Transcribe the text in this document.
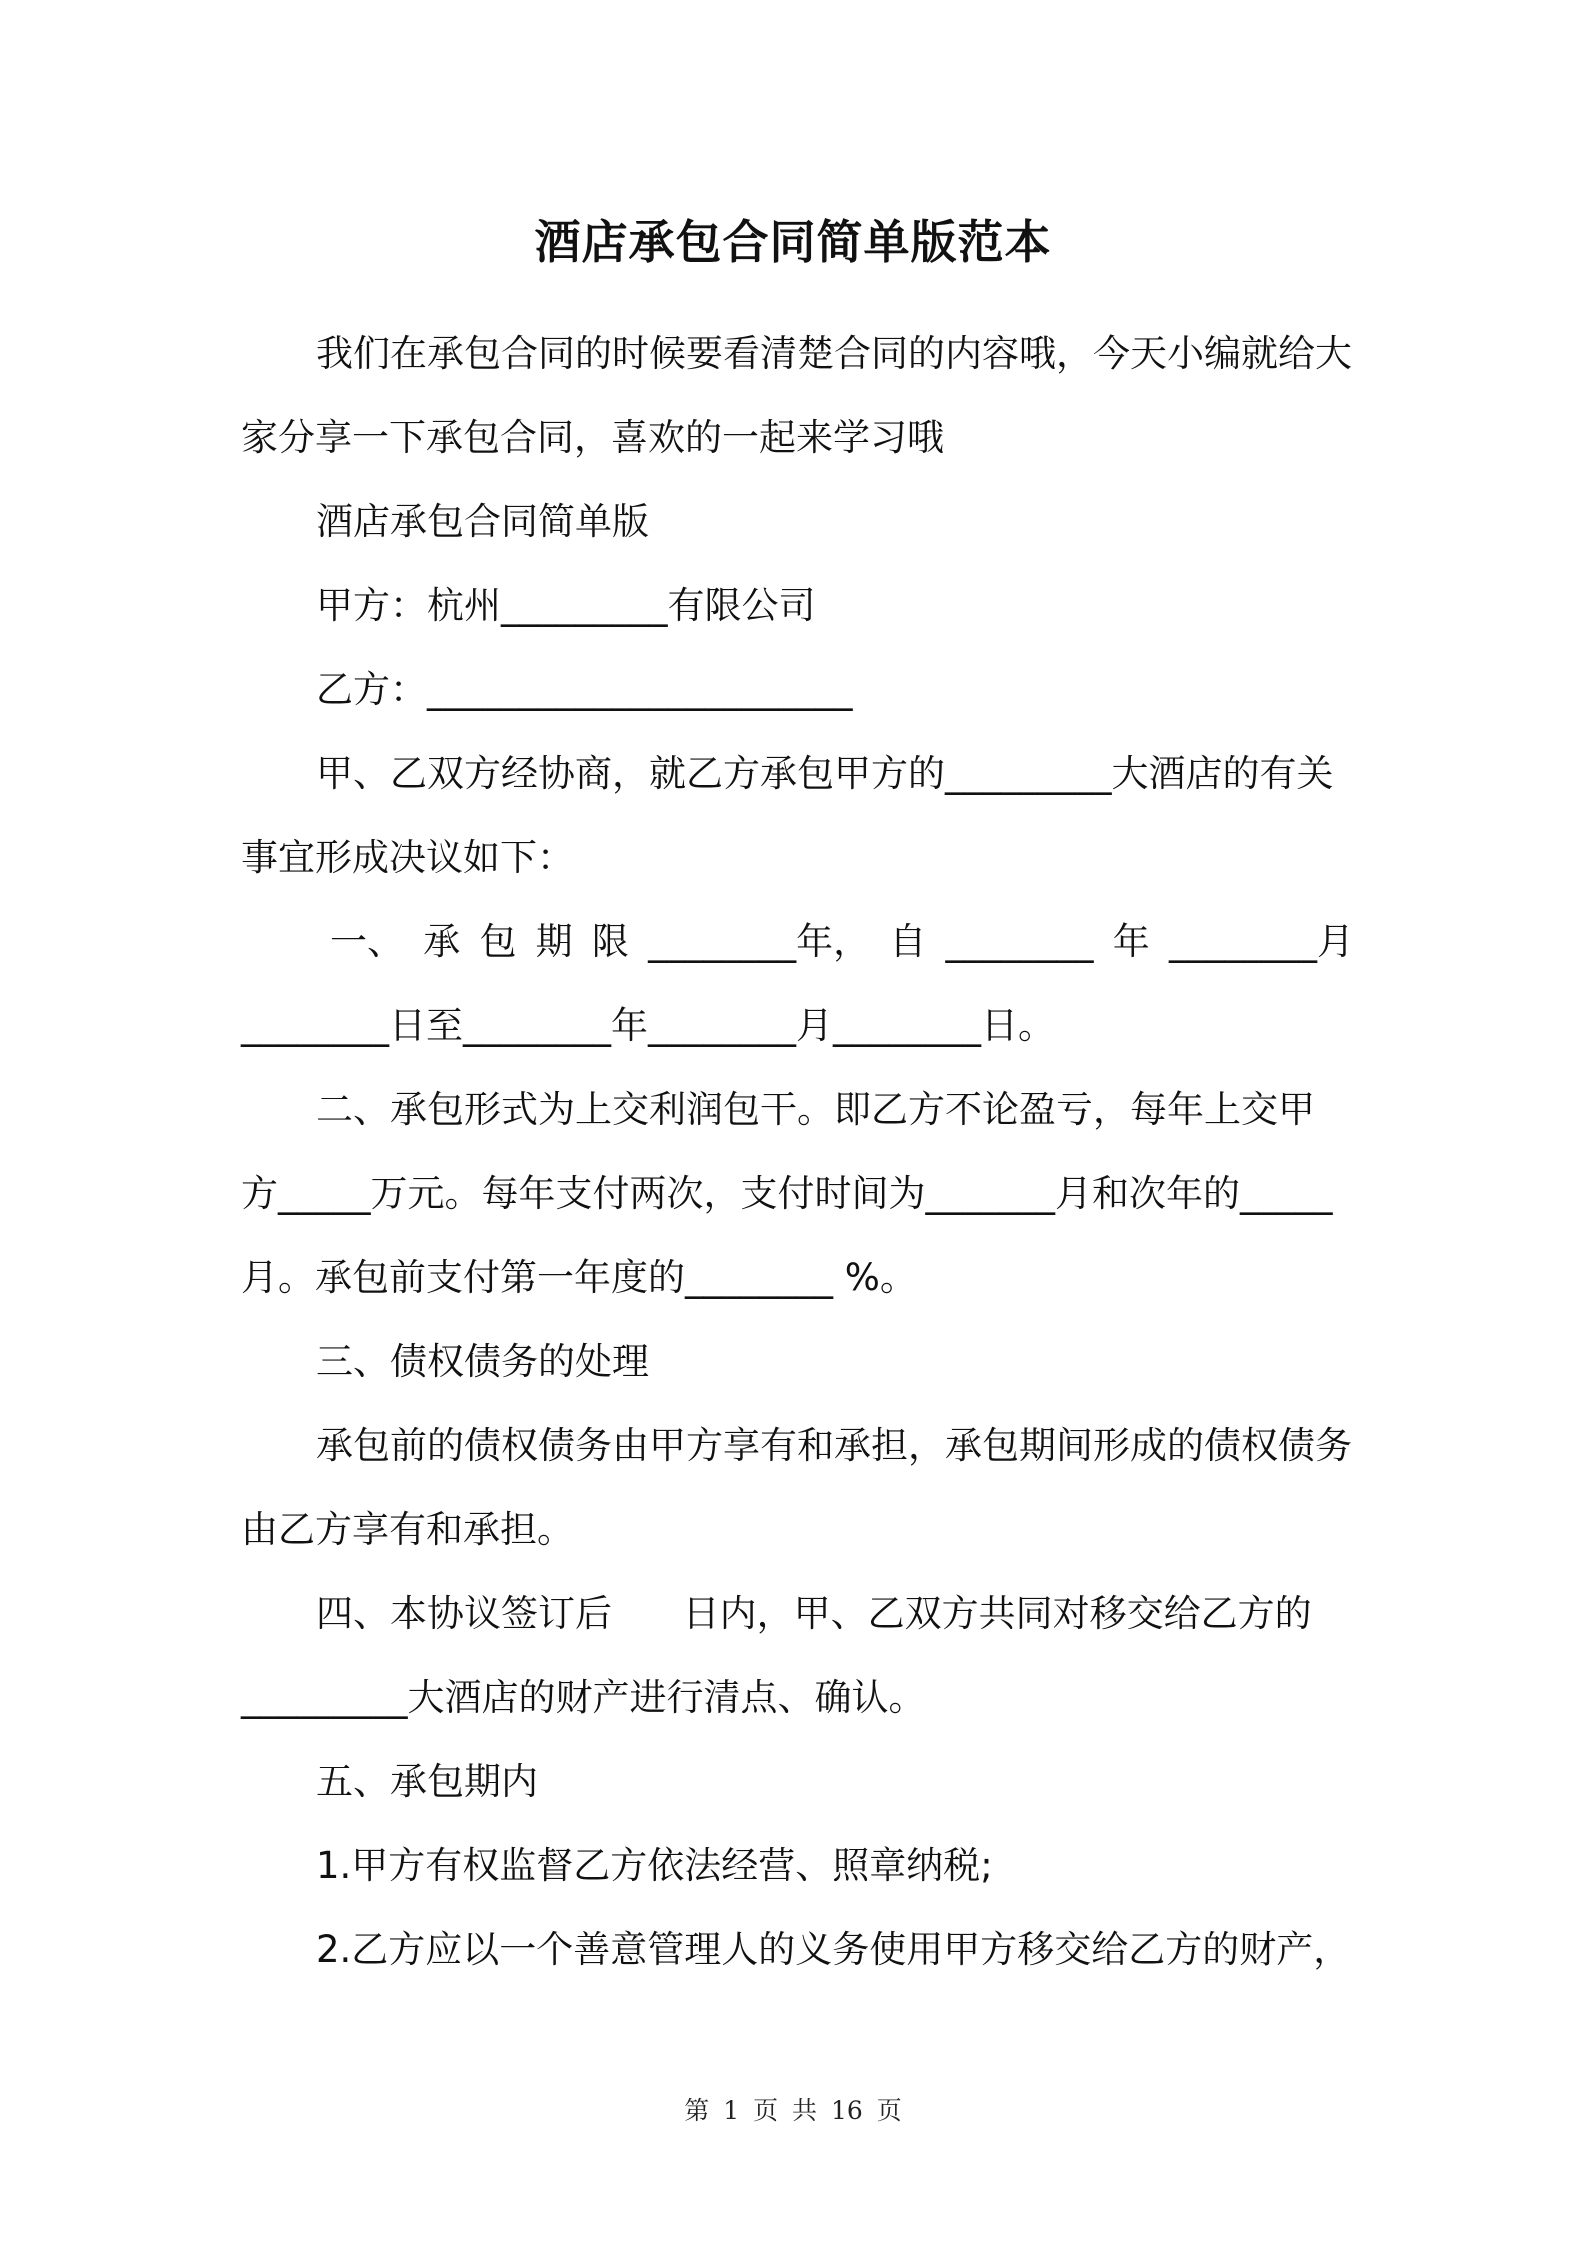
酒店承包合同简单版范本
我们在承包合同的时候要看清楚合同的内容哦，今天小编就给大
家分享一下承包合同，喜欢的一起来学习哦
酒店承包合同简单版
甲方：杭州_________有限公司
乙方：_______________________
甲、乙双方经协商，就乙方承包甲方的_________大酒店的有关
事宜形成决议如下：
一、 承 包 期 限 ________年， 自 ________ 年 ________月
________日至________年________月________日。
二、承包形式为上交利润包干。即乙方不论盈亏，每年上交甲
方_____万元。每年支付两次，支付时间为_______月和次年的_____
月。承包前支付第一年度的________ %。
三、债权债务的处理
承包前的债权债务由甲方享有和承担，承包期间形成的债权债务
由乙方享有和承担。
四、本协议签订后      日内，甲、乙双方共同对移交给乙方的
_________大酒店的财产进行清点、确认。
五、承包期内
1.甲方有权监督乙方依法经营、照章纳税;
2.乙方应以一个善意管理人的义务使用甲方移交给乙方的财产，
第 1 页 共 16 页
